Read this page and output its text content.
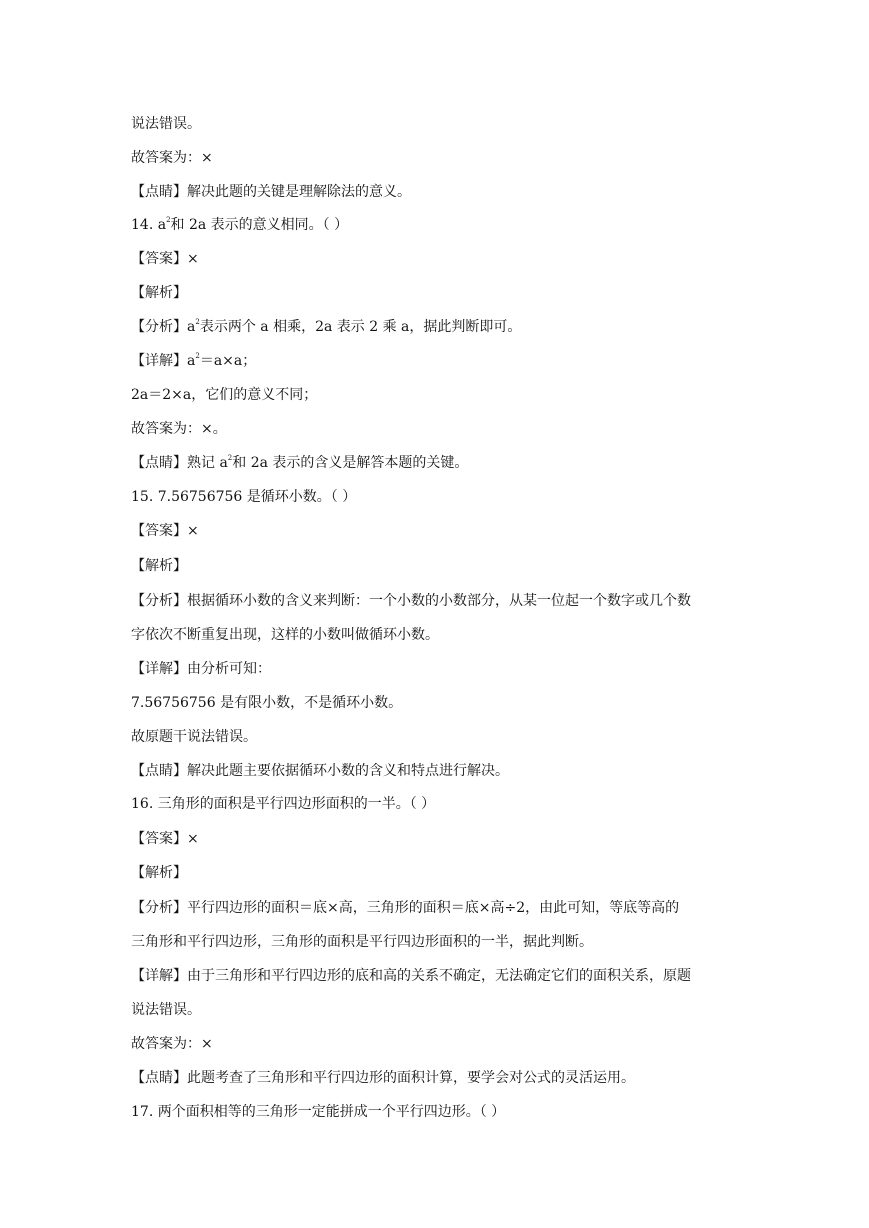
说法错误。
故答案为：×
【点睛】解决此题的关键是理解除法的意义。
14. $a^2$和 2a 表示的意义相同。（ ）
【答案】×
【解析】
【分析】$a^2$表示两个 a 相乘，2a 表示 2 乘 a，据此判断即可。
【详解】$a^2=a\times a$；
2a＝2×a，它们的意义不同；
故答案为：×。
【点睛】熟记 $a^2$和 2a 表示的含义是解答本题的关键。
15. 7.56756756 是循环小数。（ ）
【答案】×
【解析】
【分析】根据循环小数的含义来判断：一个小数的小数部分，从某一位起一个数字或几个数
字依次不断重复出现，这样的小数叫做循环小数。
【详解】由分析可知：
7.56756756 是有限小数，不是循环小数。
故原题干说法错误。
【点睛】解决此题主要依据循环小数的含义和特点进行解决。
16. 三角形的面积是平行四边形面积的一半。（ ）
【答案】×
【解析】
【分析】平行四边形的面积＝底×高，三角形的面积＝底×高÷2，由此可知，等底等高的
三角形和平行四边形，三角形的面积是平行四边形面积的一半，据此判断。
【详解】由于三角形和平行四边形的底和高的关系不确定，无法确定它们的面积关系，原题
说法错误。
故答案为：×
【点睛】此题考查了三角形和平行四边形的面积计算，要学会对公式的灵活运用。
17. 两个面积相等的三角形一定能拼成一个平行四边形。（ ）
